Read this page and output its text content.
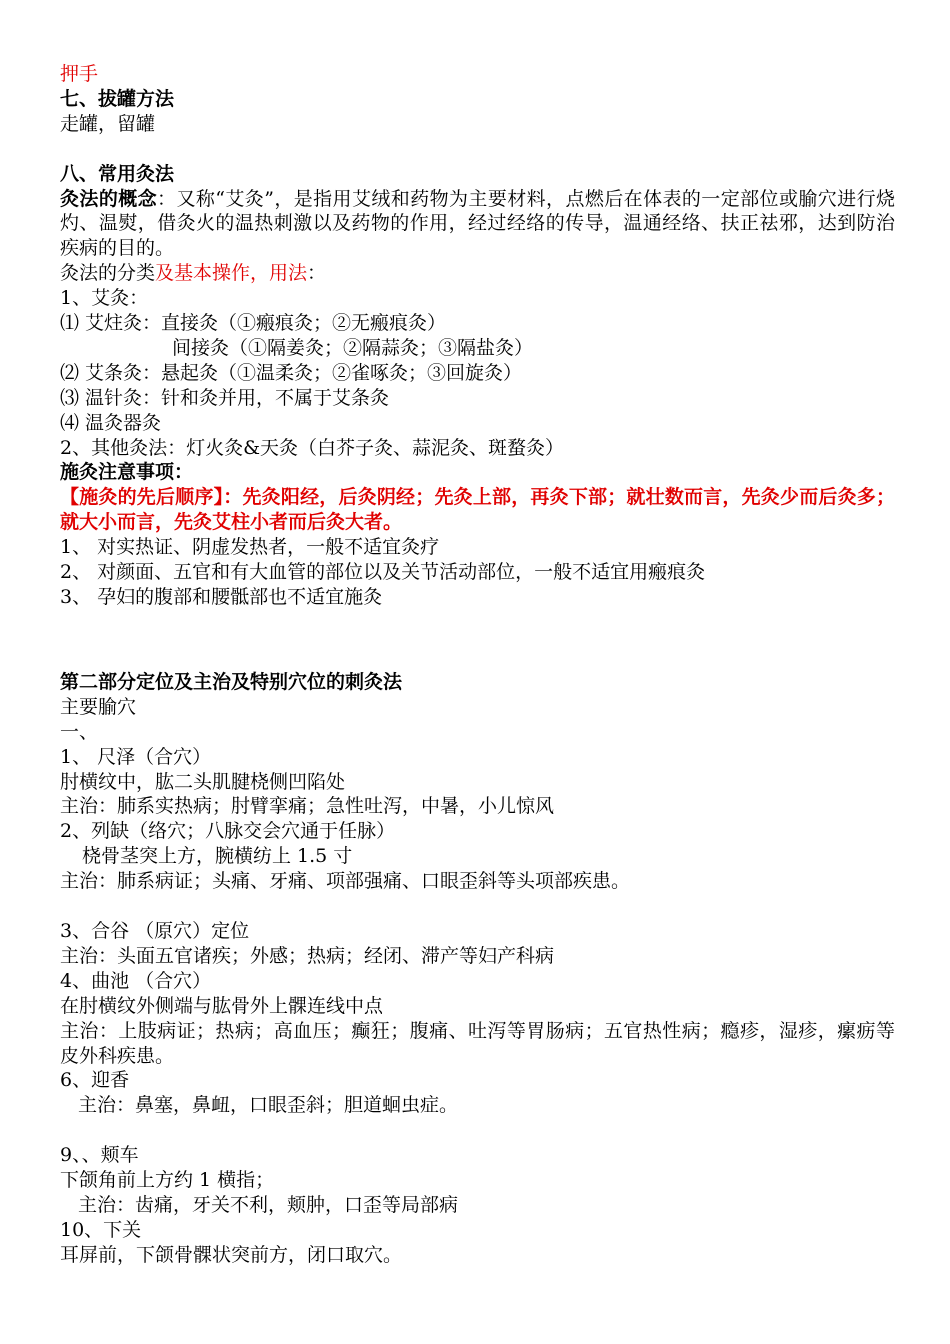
押手
七、拔罐方法
走罐，留罐
八、常用灸法
灸法的概念：又称“艾灸”，是指用艾绒和药物为主要材料，点燃后在体表的一定部位或腧穴进行烧灼、温熨，借灸火的温热刺激以及药物的作用，经过经络的传导，温通经络、扶正祛邪，达到防治疾病的目的。
灸法的分类及基本操作，用法：
1、艾灸：
⑴ 艾炷灸：直接灸（①瘢痕灸；②无瘢痕灸）
间接灸（①隔姜灸；②隔蒜灸；③隔盐灸）
⑵ 艾条灸：悬起灸（①温柔灸；②雀啄灸；③回旋灸）
⑶ 温针灸：针和灸并用，不属于艾条灸
⑷ 温灸器灸
2、其他灸法：灯火灸&天灸（白芥子灸、蒜泥灸、斑蝥灸）
施灸注意事项：
【施灸的先后顺序】：先灸阳经，后灸阴经；先灸上部，再灸下部；就壮数而言，先灸少而后灸多；就大小而言，先灸艾柱小者而后灸大者。
1、 对实热证、阴虚发热者，一般不适宜灸疗
2、 对颜面、五官和有大血管的部位以及关节活动部位，一般不适宜用瘢痕灸
3、 孕妇的腹部和腰骶部也不适宜施灸
第二部分定位及主治及特别穴位的刺灸法
主要腧穴
一、
1、 尺泽（合穴）
肘横纹中，肱二头肌腱桡侧凹陷处
主治：肺系实热病；肘臂挛痛；急性吐泻，中暑，小儿惊风
2、列缺（络穴；八脉交会穴通于任脉）
桡骨茎突上方，腕横纺上 1.5 寸
主治：肺系病证；头痛、牙痛、项部强痛、口眼歪斜等头项部疾患。
3、合谷 （原穴）定位
主治：头面五官诸疾；外感；热病；经闭、滞产等妇产科病
4、曲池 （合穴）
在肘横纹外侧端与肱骨外上髁连线中点
主治：上肢病证；热病；高血压；癫狂；腹痛、吐泻等胃肠病；五官热性病；瘾疹，湿疹，瘰疬等皮外科疾患。
6、迎香
主治：鼻塞，鼻衄，口眼歪斜；胆道蛔虫症。
9、、颊车
下颌角前上方约 1 横指；
主治：齿痛，牙关不利，颊肿，口歪等局部病
10、下关
耳屏前，下颌骨髁状突前方，闭口取穴。
